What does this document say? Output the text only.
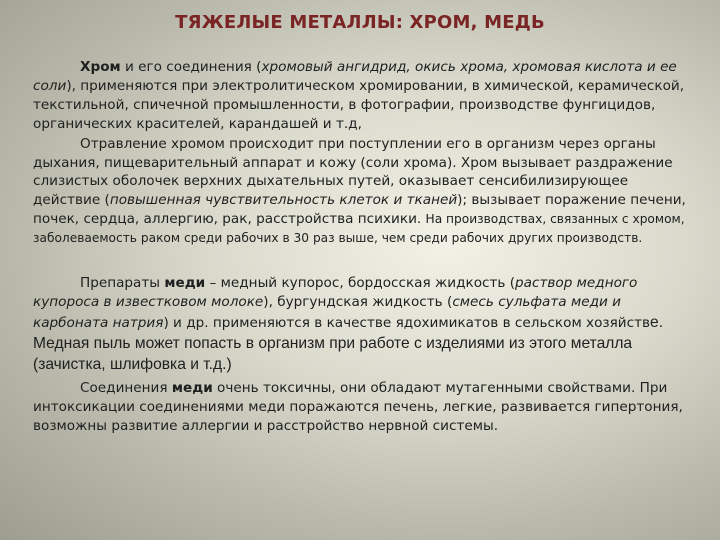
ТЯЖЕЛЫЕ МЕТАЛЛЫ: ХРОМ, МЕДЬ

Хром и его соединения (хромовый ангидрид, окись хрома, хромовая кислота и ее соли), применяются при электролитическом хромировании, в химической, керамической, текстильной, спичечной промышленности, в фотографии, производстве фунгицидов, органических красителей, карандашей и т.д,

Отравление хромом происходит при поступлении его в организм через органы дыхания, пищеварительный аппарат и кожу (соли хрома). Хром вызывает раздражение слизистых оболочек верхних дыхательных путей, оказывает сенсибилизирующее действие (повышенная чувствительность клеток и тканей); вызывает поражение печени, почек, сердца, аллергию, рак, расстройства психики. На производствах, связанных с хромом, заболеваемость раком среди рабочих в 30 раз выше, чем среди рабочих других производств.

Препараты меди – медный купорос, бордосская жидкость (раствор медного купороса в известковом молоке), бургундская жидкость (смесь сульфата меди и карбоната натрия) и др. применяются в качестве ядохимикатов в сельском хозяйстве. Медная пыль может попасть в организм при работе с изделиями из этого металла (зачистка, шлифовка и т.д.)

Соединения меди очень токсичны, они обладают мутагенными свойствами. При интоксикации соединениями меди поражаются печень, легкие, развивается гипертония, возможны развитие аллергии и расстройство нервной системы.
